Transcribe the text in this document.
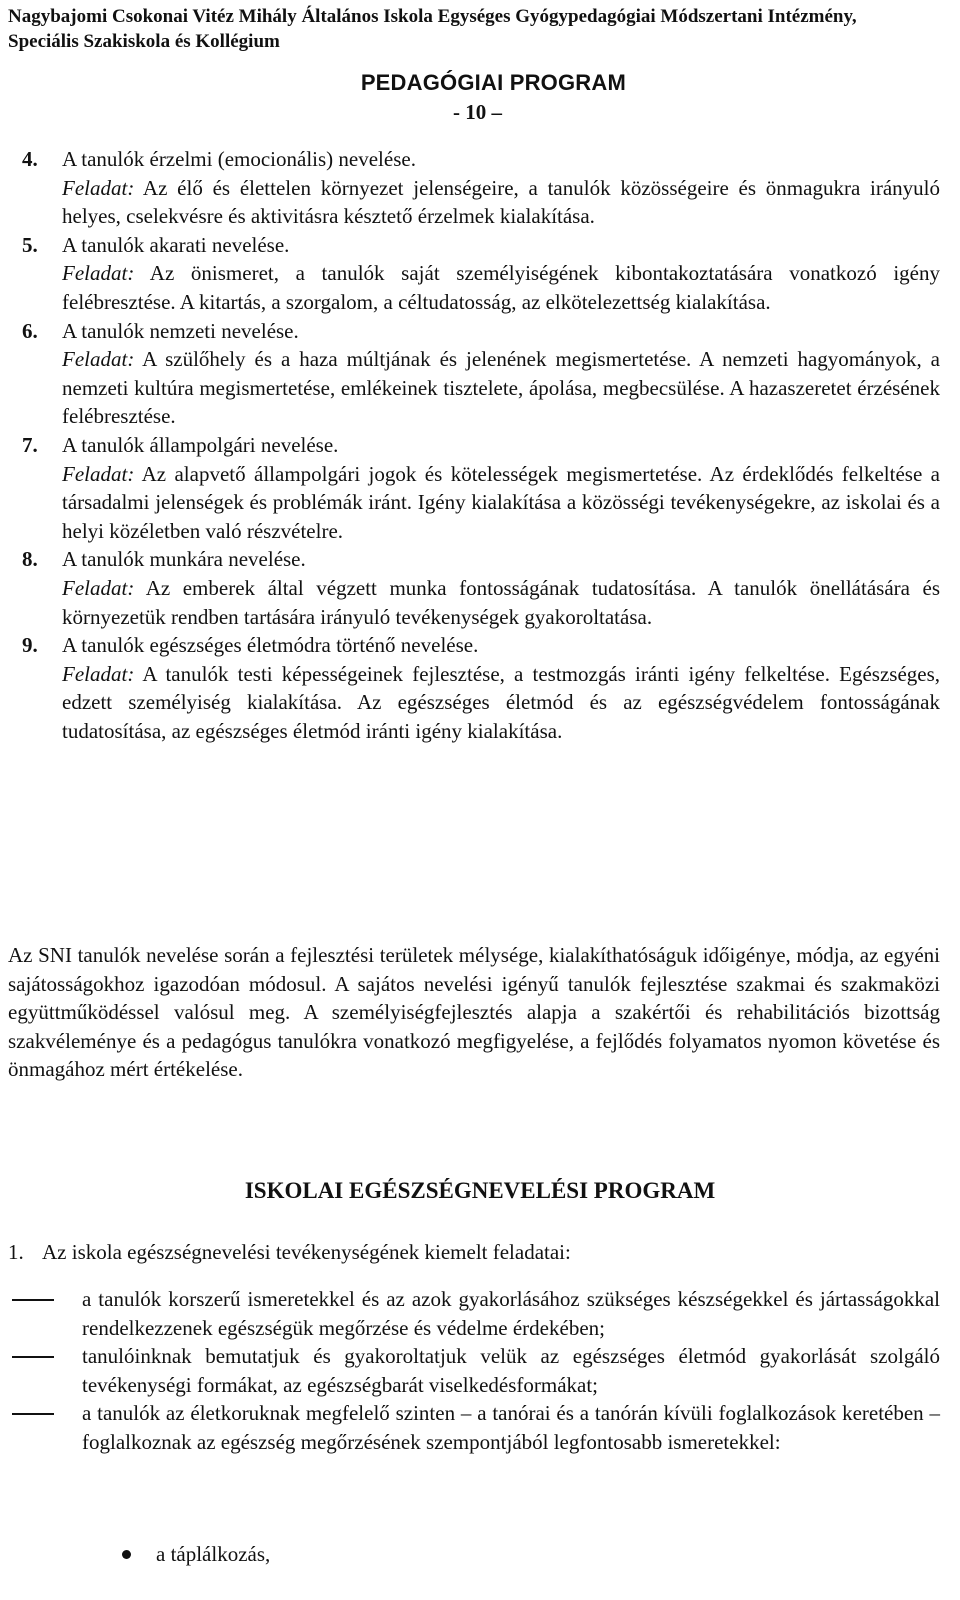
Nagybajomi Csokonai Vitéz Mihály Általános Iskola Egységes Gyógypedagógiai Módszertani Intézmény,
Speciális Szakiskola és Kollégium
PEDAGÓGIAI PROGRAM
- 10 –
4. A tanulók érzelmi (emocionális) nevelése.

Feladat: Az élő és élettelen környezet jelenségeire, a tanulók közösségeire és önmagukra irányuló helyes, cselekvésre és aktivitásra késztető érzelmek kialakítása.

5. A tanulók akarati nevelése.

Feladat: Az önismeret, a tanulók saját személyiségének kibontakoztatására vonatkozó igény felébresztése. A kitartás, a szorgalom, a céltudatosság, az elkötelezettség kialakítása.

6. A tanulók nemzeti nevelése.

Feladat: A szülőhely és a haza múltjának és jelenének megismertetése. A nemzeti hagyományok, a nemzeti kultúra megismertetése, emlékeinek tisztelete, ápolása, megbecsülése. A hazaszeretet érzésének felébresztése.

7. A tanulók állampolgári nevelése.

Feladat: Az alapvető állampolgári jogok és kötelességek megismertetése. Az érdeklődés felkeltése a társadalmi jelenségek és problémák iránt. Igény kialakítása a közösségi tevékenységekre, az iskolai és a helyi közéletben való részvételre.

8. A tanulók munkára nevelése.

Feladat: Az emberek által végzett munka fontosságának tudatosítása. A tanulók önellátására és környezetük rendben tartására irányuló tevékenységek gyakoroltatása.

9. A tanulók egészséges életmódra történő nevelése.

Feladat: A tanulók testi képességeinek fejlesztése, a testmozgás iránti igény felkeltése. Egészséges, edzett személyiség kialakítása. Az egészséges életmód és az egészségvédelem fontosságának tudatosítása, az egészséges életmód iránti igény kialakítása.

Az SNI tanulók nevelése során a fejlesztési területek mélysége, kialakíthatóságuk időigénye, módja, az egyéni sajátosságokhoz igazodóan módosul. A sajátos nevelési igényű tanulók fejlesztése szakmai és szakmaközi együttműködéssel valósul meg. A személyiségfejlesztés alapja a szakértői és rehabilitációs bizottság szakvéleménye és a pedagógus tanulókra vonatkozó megfigyelése, a fejlődés folyamatos nyomon követése és önmagához mért értékelése.

ISKOLAI EGÉSZSÉGNEVELÉSI PROGRAM
1. Az iskola egészségnevelési tevékenységének kiemelt feladatai:
a tanulók korszerű ismeretekkel és az azok gyakorlásához szükséges készségekkel és jártasságokkal rendelkezzenek egészségük megőrzése és védelme érdekében;
tanulóinknak bemutatjuk és gyakoroltatjuk velük az egészséges életmód gyakorlását szolgáló tevékenységi formákat, az egészségbarát viselkedésformákat;
a tanulók az életkoruknak megfelelő szinten – a tanórai és a tanórán kívüli foglalkozások keretében – foglalkoznak az egészség megőrzésének szempontjából legfontosabb ismeretekkel:
a táplálkozás,
